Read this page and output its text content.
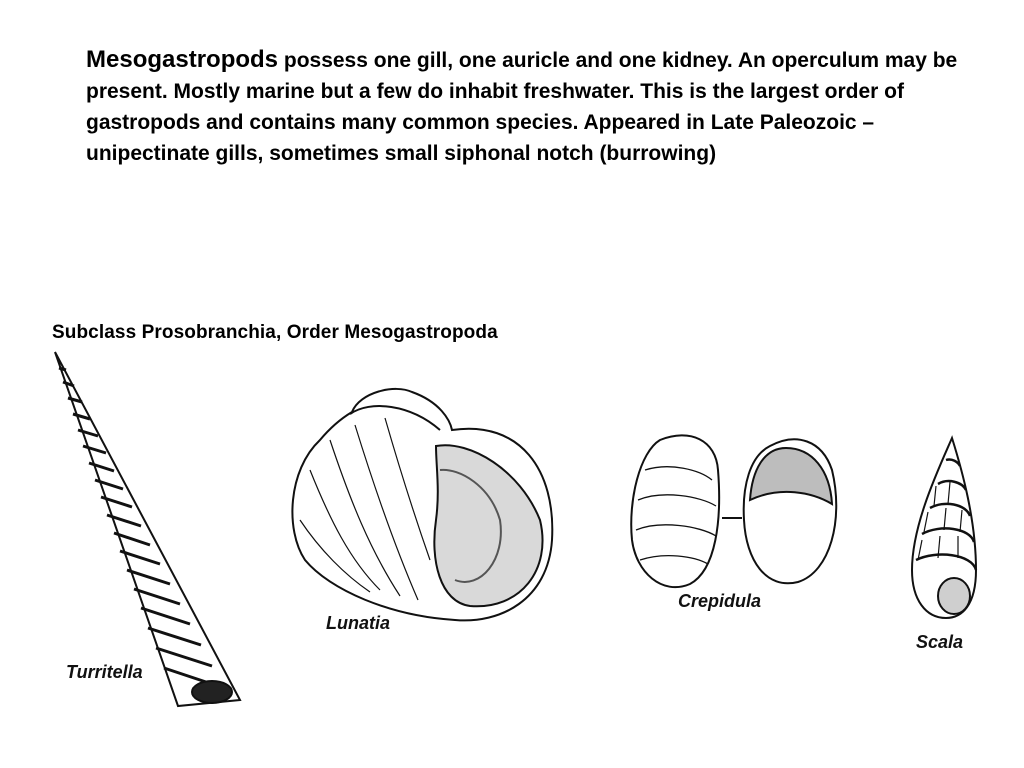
Mesogastropods possess one gill, one auricle and one kidney. An operculum may be present. Mostly marine but a few do inhabit freshwater. This is the largest order of gastropods and contains many common species. Appeared in Late Paleozoic – unipectinate gills, sometimes small siphonal notch (burrowing)
Subclass Prosobranchia, Order Mesogastropoda
Turritella
Lunatia
Crepidula
Scala
